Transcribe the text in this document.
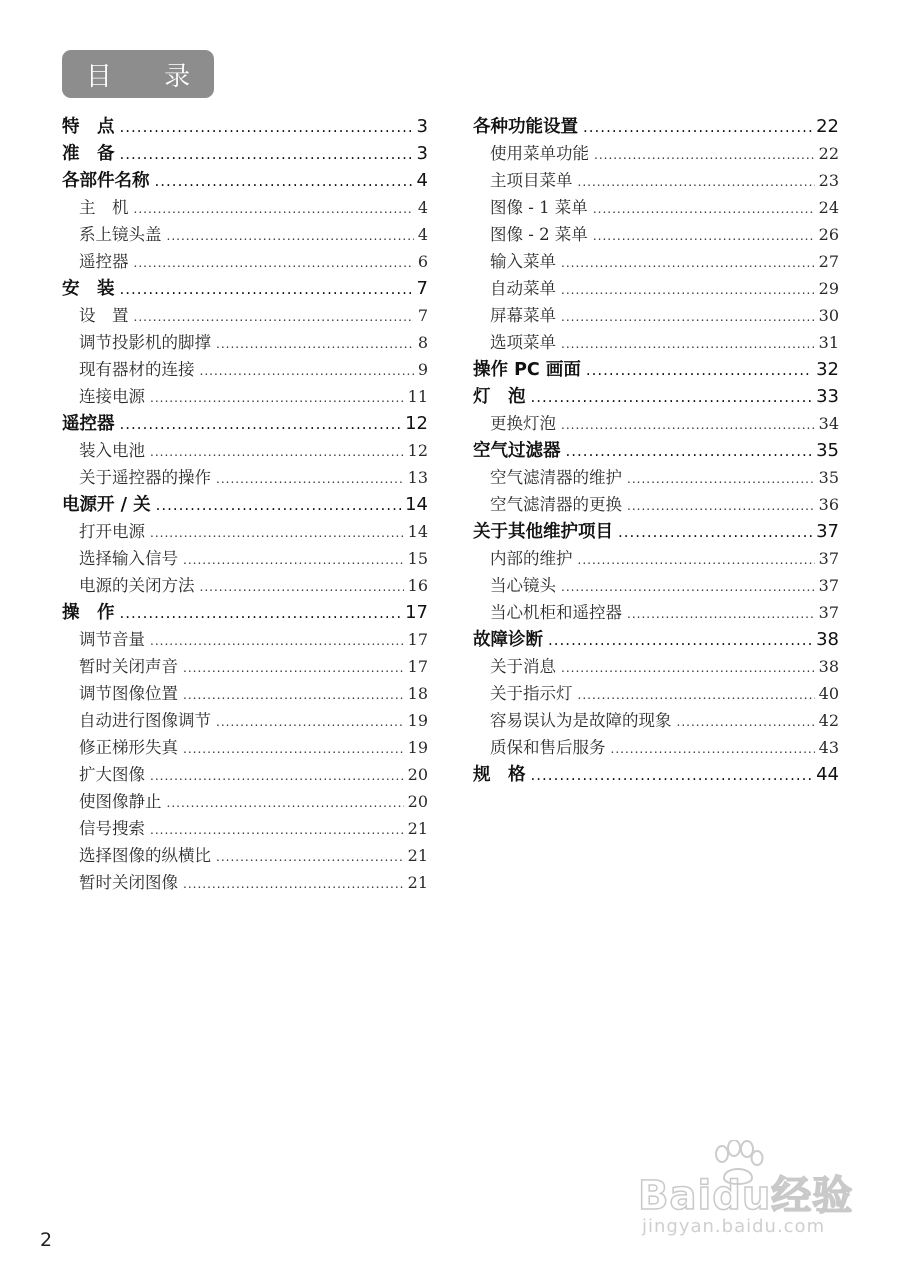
目 录
特　点 .....	3
准　备 .....	3
各部件名称 .....	4
主　机 .....	4
系上镜头盖 .....	4
遥控器 .....	6
安　装 .....	7
设　置 .....	7
调节投影机的脚撑 .....	8
现有器材的连接 .....	9
连接电源 .....	11
遥控器 .....	12
装入电池 .....	12
关于遥控器的操作 .....	13
电源开 / 关 .....	14
打开电源 .....	14
选择输入信号 .....	15
电源的关闭方法 .....	16
操　作 .....	17
调节音量 .....	17
暂时关闭声音 .....	17
调节图像位置 .....	18
自动进行图像调节 .....	19
修正梯形失真 .....	19
扩大图像 .....	20
使图像静止 .....	20
信号搜索 .....	21
选择图像的纵横比 .....	21
暂时关闭图像 .....	21
各种功能设置 .....	22
使用菜单功能 .....	22
主项目菜单 .....	23
图像 - 1 菜单 .....	24
图像 - 2 菜单 .....	26
输入菜单 .....	27
自动菜单 .....	29
屏幕菜单 .....	30
选项菜单 .....	31
操作 PC 画面 .....	32
灯　泡 .....	33
更换灯泡 .....	34
空气过滤器 .....	35
空气滤清器的维护 .....	35
空气滤清器的更换 .....	36
关于其他维护项目 .....	37
内部的维护 .....	37
当心镜头 .....	37
当心机柜和遥控器 .....	37
故障诊断 .....	38
关于消息 .....	38
关于指示灯 .....	40
容易误认为是故障的现象 .....	42
质保和售后服务 .....	43
规　格 .....	44
2
Baidu经验
jingyan.baidu.com
